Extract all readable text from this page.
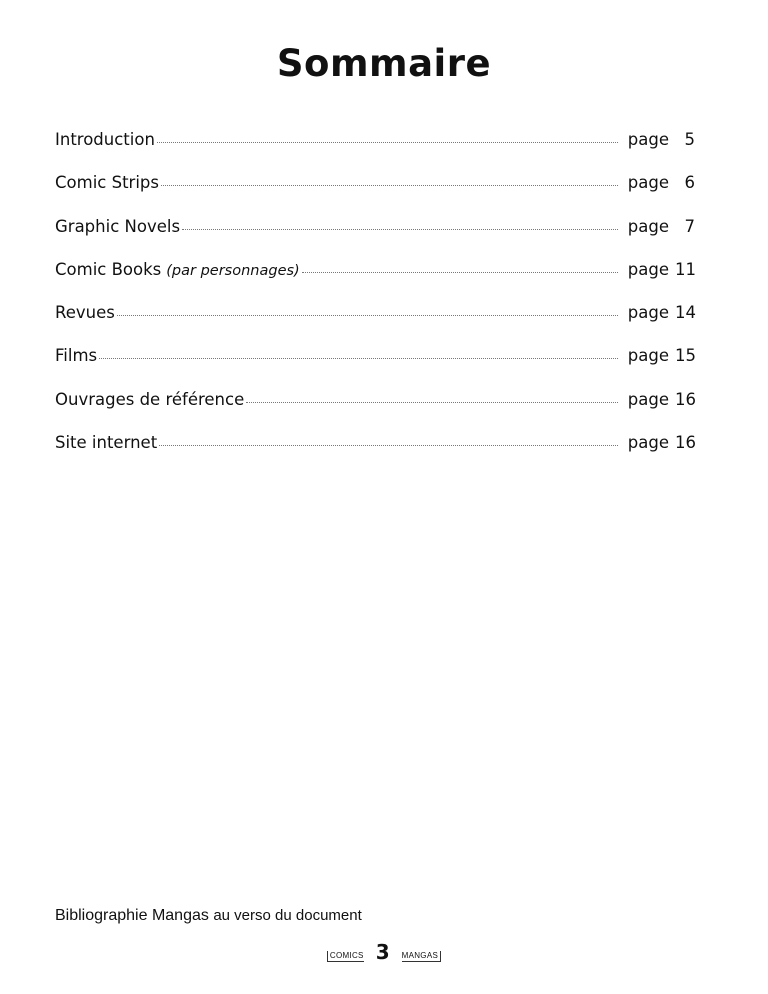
Sommaire
Introduction	page 5
Comic Strips	page 6
Graphic Novels	page 7
Comic Books (par personnages)	page 11
Revues	page 14
Films	page 15
Ouvrages de référence	page 16
Site internet	page 16
Bibliographie Mangas au verso du document
COMICS 3 MANGAS
